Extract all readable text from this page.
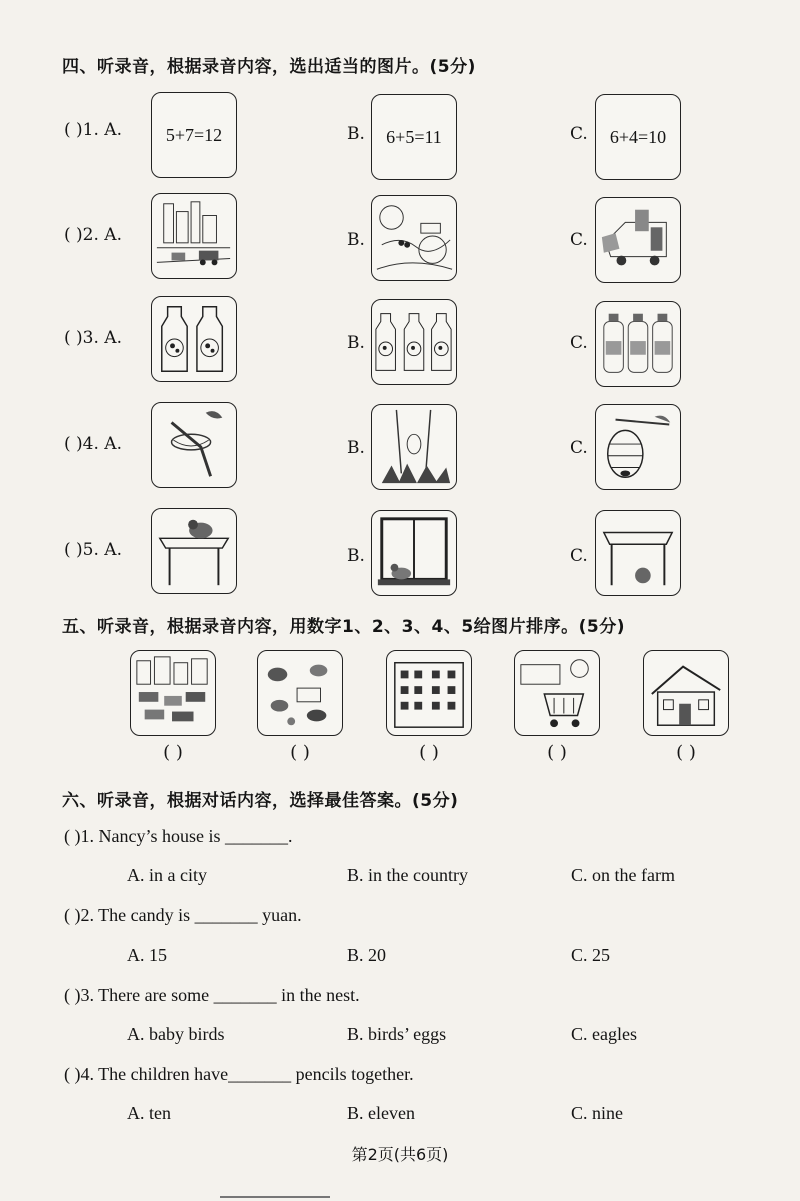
四、听录音，根据录音内容，选出适当的图片。(5分)
( )1. A. 5+7=12	B. 6+5=11	C. 6+4=10
( )2. A.	B.	C.
( )3. A.	B.	C.
( )4. A.	B.	C.
( )5. A.	B.	C.
五、听录音，根据录音内容，用数字1、2、3、4、5给图片排序。(5分)
( )	( )	( )	( )	( )
六、听录音，根据对话内容，选择最佳答案。(5分)
( )1. Nancy’s house is _______.
A. in a city	B. in the country	C. on the farm
( )2. The candy is _______ yuan.
A. 15	B. 20	C. 25
( )3. There are some _______ in the nest.
A. baby birds	B. birds’ eggs	C. eagles
( )4. The children have_______ pencils together.
A. ten	B. eleven	C. nine
第2页(共6页)
